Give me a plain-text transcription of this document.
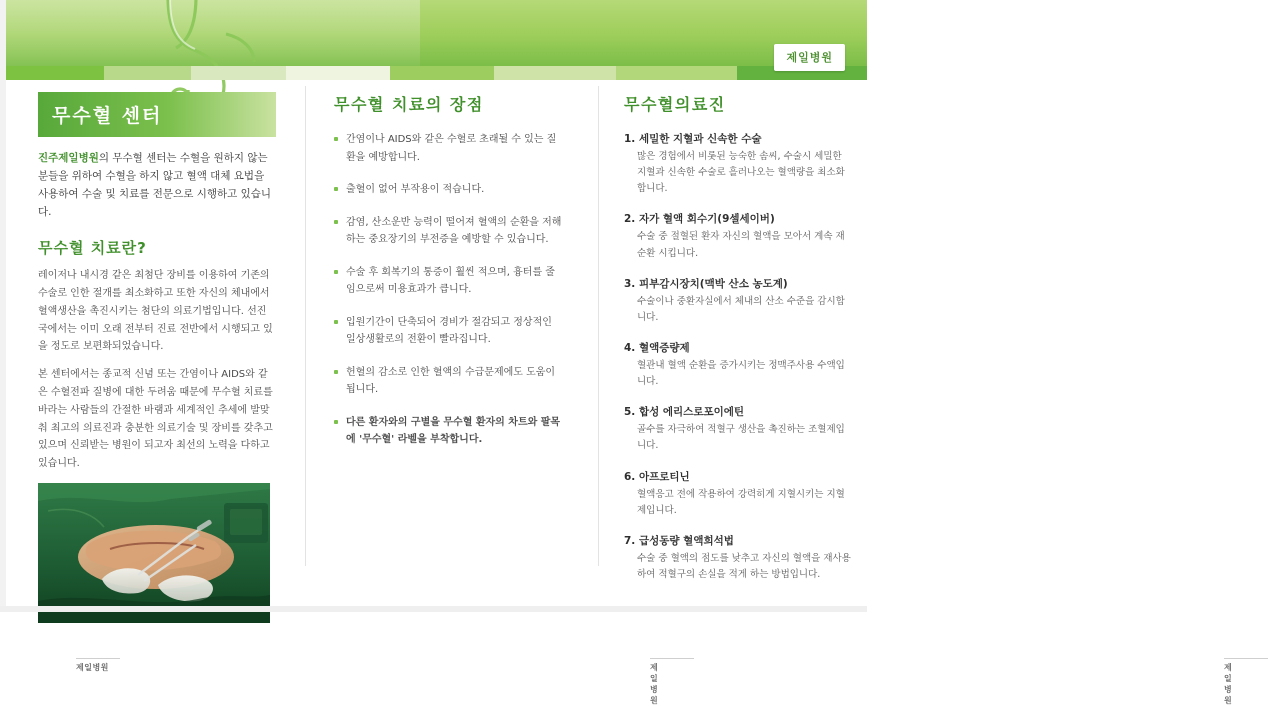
제일병원
무수혈 센터
진주제일병원의 무수혈 센터는 수혈을 원하지 않는 분들을 위하여 수혈을 하지 않고 혈액 대체 요법을 사용하여 수술 및 치료를 전문으로 시행하고 있습니다.
무수혈 치료란?
레이저나 내시경 같은 최첨단 장비를 이용하여 기존의 수술로 인한 절개를 최소화하고 또한 자신의 체내에서 혈액생산을 촉진시키는 첨단의 의료기법입니다. 선진국에서는 이미 오래 전부터 진료 전반에서 시행되고 있을 정도로 보편화되었습니다.
본 센터에서는 종교적 신념 또는 간염이나 AIDS와 같은 수혈전파 질병에 대한 두려움 때문에 무수혈 치료를 바라는 사람들의 간절한 바램과 세계적인 추세에 발맞춰 최고의 의료진과 충분한 의료기술 및 장비를 갖추고 있으며 신뢰받는 병원이 되고자 최선의 노력을 다하고 있습니다.
제일병원
무수혈 치료의 장점
간염이나 AIDS와 같은 수혈로 초래될 수 있는 질환을 예방합니다.
출혈이 없어 부작용이 적습니다.
감염, 산소운반 능력이 떨어져 혈액의 순환을 저해하는 중요장기의 부전증을 예방할 수 있습니다.
수술 후 회복기의 통증이 훨씬 적으며, 흉터를 줄임으로써 미용효과가 큽니다.
입원기간이 단축되어 경비가 절감되고 정상적인 일상생활로의 전환이 빨라집니다.
헌혈의 감소로 인한 혈액의 수급문제에도 도움이 됩니다.
다른 환자와의 구별을 무수혈 환자의 차트와 팔목에 '무수혈' 라벨을 부착합니다.
제일병원
무수혈의료진
1. 세밀한 지혈과 신속한 수술
많은 경험에서 비롯된 능숙한 솜씨, 수술시 세밀한 지혈과 신속한 수술로 흘러나오는 혈액량을 최소화 합니다.
2. 자가 혈액 회수기(9셀세이버)
수술 중 절혈된 환자 자신의 혈액을 모아서 계속 재순환 시킵니다.
3. 피부감시장치(맥박 산소 농도계)
수술이나 중환자실에서 체내의 산소 수준을 감시합니다.
4. 혈액증량제
혈관내 혈액 순환을 증가시키는 정맥주사용 수액입니다.
5. 합성 에리스로포이에틴
골수를 자극하여 적혈구 생산을 촉진하는 조혈제입니다.
6. 아프로티닌
혈액응고 전에 작용하여 강력히게 지혈시키는 지혈제입니다.
7. 급성동량 혈액희석법
수술 중 혈액의 점도를 낮추고 자신의 혈액을 재사용하여 적혈구의 손실을 적게 하는 방법입니다.
제일병원
